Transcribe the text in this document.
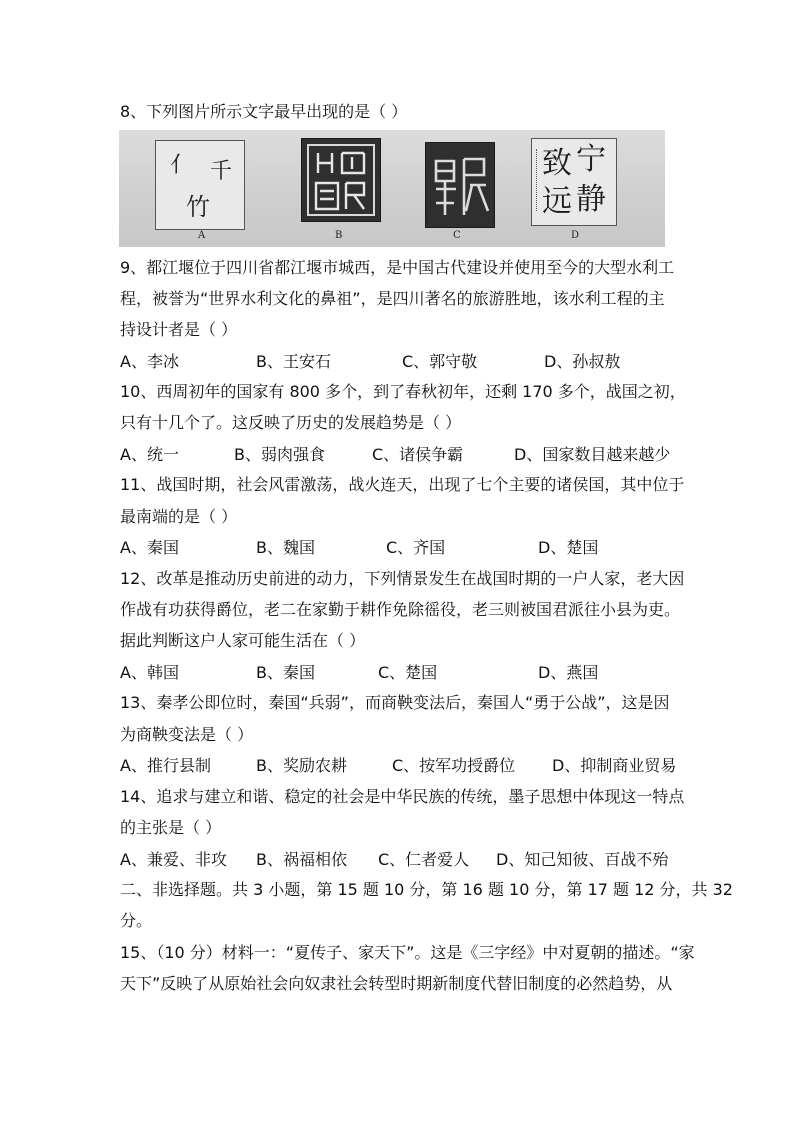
8、下列图片所示文字最早出现的是（ ）
亻 千
竹
A	B	C
宁
静
致
远
D
9、都江堰位于四川省都江堰市城西，是中国古代建设并使用至今的大型水利工
程，被誉为“世界水利文化的鼻祖”，是四川著名的旅游胜地，该水利工程的主
持设计者是（ ）
A、李冰	B、王安石	C、郭守敬	D、孙叔敖
10、西周初年的国家有 800 多个，到了春秋初年，还剩 170 多个，战国之初，
只有十几个了。这反映了历史的发展趋势是（ ）
A、统一	B、弱肉强食	C、诸侯争霸	D、国家数目越来越少
11、战国时期，社会风雷激荡，战火连天，出现了七个主要的诸侯国，其中位于
最南端的是（ ）
A、秦国	B、魏国	C、齐国	D、楚国
12、改革是推动历史前进的动力，下列情景发生在战国时期的一户人家，老大因
作战有功获得爵位，老二在家勤于耕作免除徭役，老三则被国君派往小县为吏。
据此判断这户人家可能生活在（ ）
A、韩国	B、秦国	C、楚国	D、燕国
13、秦孝公即位时，秦国“兵弱”，而商鞅变法后，秦国人“勇于公战”，这是因
为商鞅变法是（ ）
A、推行县制	B、奖励农耕	C、按军功授爵位 D、抑制商业贸易
14、追求与建立和谐、稳定的社会是中华民族的传统，墨子思想中体现这一特点
的主张是（ ）
A、兼爱、非攻 B、祸福相依 C、仁者爱人 D、知己知彼、百战不殆
二、非选择题。共 3 小题，第 15 题 10 分，第 16 题 10 分，第 17 题 12 分，共 32
分。
15、（10 分）材料一：“夏传子、家天下”。这是《三字经》中对夏朝的描述。“家
天下”反映了从原始社会向奴隶社会转型时期新制度代替旧制度的必然趋势，从
